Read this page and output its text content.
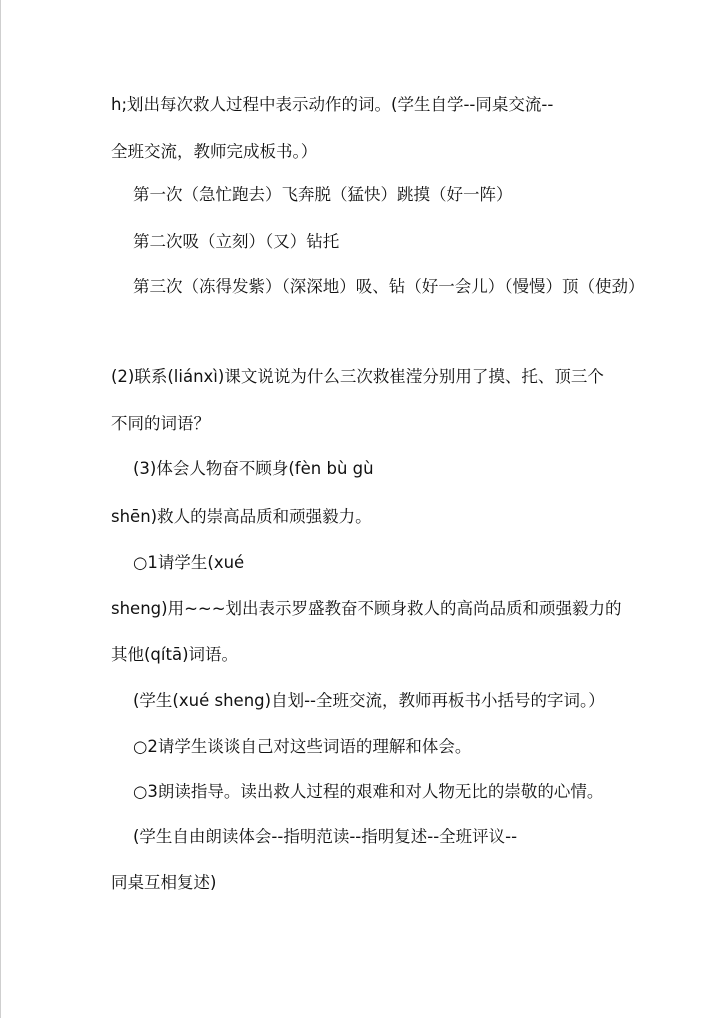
h;划出每次救人过程中表示动作的词。(学生自学--同桌交流--
全班交流，教师完成板书。）
第一次（急忙跑去）飞奔脱（猛快）跳摸（好一阵）
第二次吸（立刻）（又）钻托
第三次（冻得发紫）（深深地）吸、钻（好一会儿）（慢慢）顶（使劲）
(2)联系(liánxì)课文说说为什么三次救崔滢分别用了摸、托、顶三个
不同的词语？
(3)体会人物奋不顾身(fèn bù gù
shēn)救人的崇高品质和顽强毅力。
○1请学生(xué
sheng)用~~~划出表示罗盛教奋不顾身救人的高尚品质和顽强毅力的
其他(qítā)词语。
(学生(xué sheng)自划--全班交流，教师再板书小括号的字词。）
○2请学生谈谈自己对这些词语的理解和体会。
○3朗读指导。读出救人过程的艰难和对人物无比的崇敬的心情。
(学生自由朗读体会--指明范读--指明复述--全班评议--
同桌互相复述)
